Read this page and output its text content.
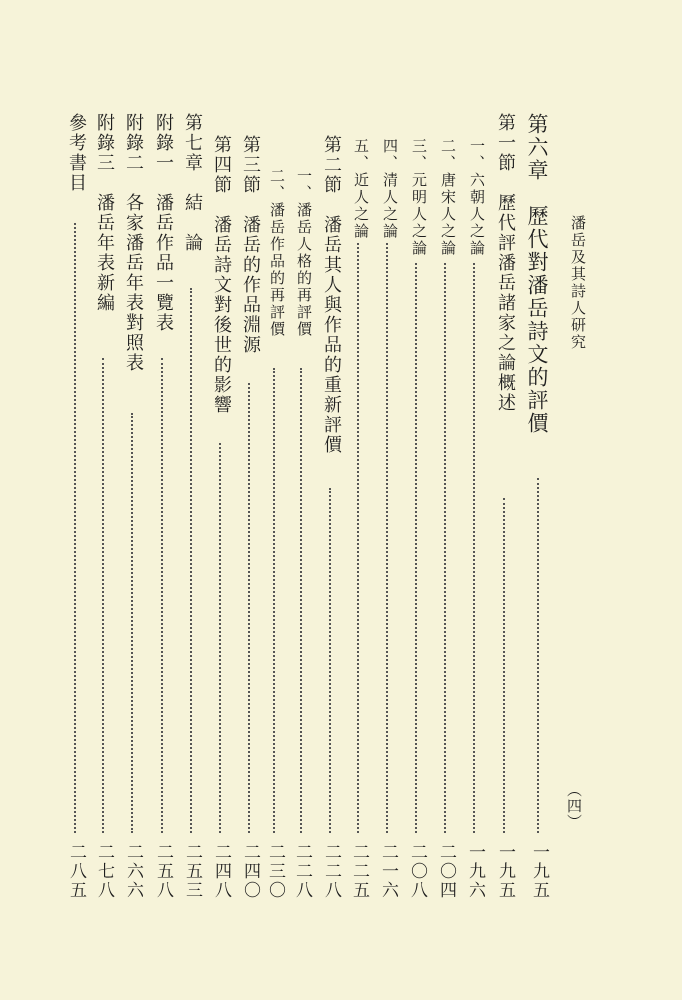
潘岳及其詩人研究
（四）
第六章　歷代對潘岳詩文的評價
一九五
第一節　歷代評潘岳諸家之論概述
一九五
一、六朝人之論
一九六
二、唐宋人之論
二〇四
三、元明人之論
二〇八
四、清人之論
二一六
五、近人之論
二二五
第二節　潘岳其人與作品的重新評價
二二八
一、潘岳人格的再評價
二二八
二、潘岳作品的再評價
二三〇
第三節　潘岳的作品淵源
二四〇
第四節　潘岳詩文對後世的影響
二四八
第七章　結　論
二五三
附錄一　潘岳作品一覽表
二五八
附錄二　各家潘岳年表對照表
二六六
附錄三　潘岳年表新編
二七八
參考書目
二八五
